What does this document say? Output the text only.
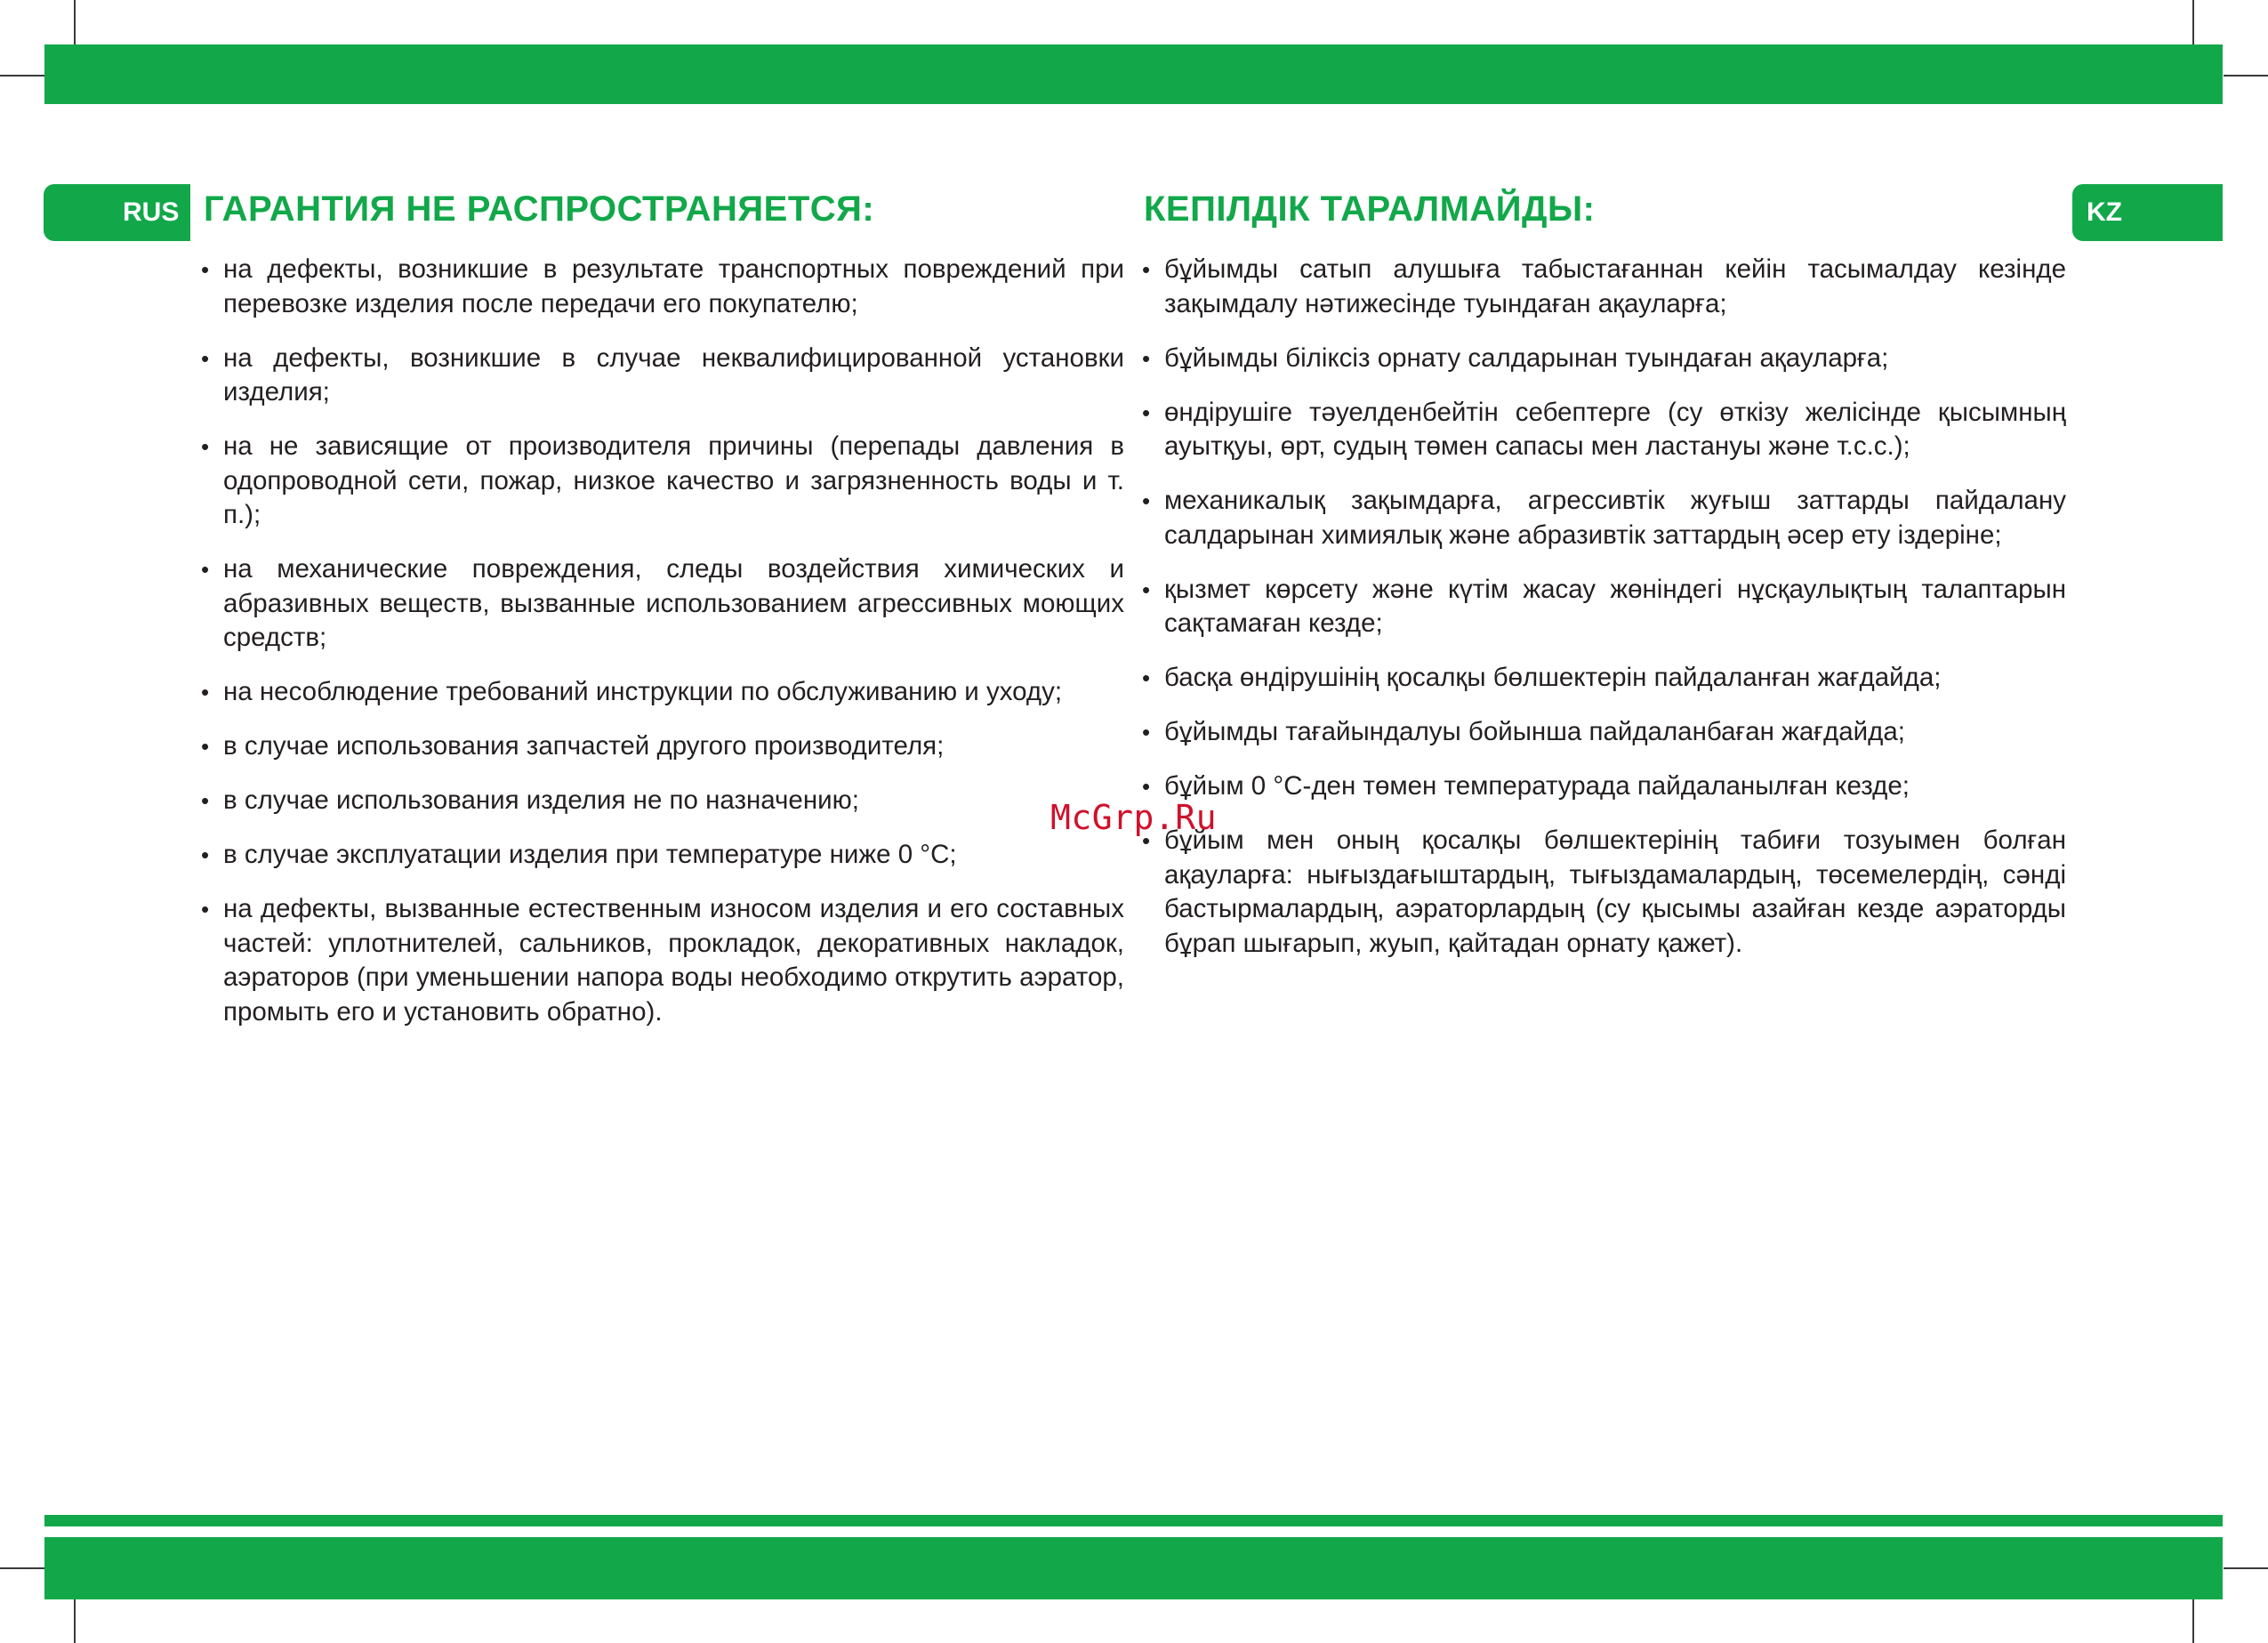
RUS	KZ
ГАРАНТИЯ НЕ РАСПРОСТРАНЯЕТСЯ:	КЕПІЛДІК ТАРАЛМАЙДЫ:
• на дефекты, возникшие в результате транспортных повреждений при перевозке изделия после передачи его покупателю;
• на дефекты, возникшие в случае неквалифицированной установки изделия;
• на не зависящие от производителя причины (перепады давления в одопроводной сети, пожар, низкое качество и загрязненность воды и т. п.);
• на механические повреждения, следы воздействия химических и абразивных веществ, вызванные использованием агрессивных моющих средств;
• на несоблюдение требований инструкции по обслуживанию и уходу;
• в случае использования запчастей другого производителя;
• в случае использования изделия не по назначению;
• в случае эксплуатации изделия при температуре ниже 0 °С;
• на дефекты, вызванные естественным износом изделия и его составных частей: уплотнителей, сальников, прокладок, декоративных накладок, аэраторов (при уменьшении напора воды необходимо открутить аэратор, промыть его и установить обратно).
• бұйымды сатып алушыға табыстағаннан кейін тасымалдау кезінде зақымдалу нәтижесінде туындаған ақауларға;
• бұйымды біліксіз орнату салдарынан туындаған ақауларға;
• өндірушіге тәуелденбейтін себептерге (су өткізу желісінде қысымның ауытқуы, өрт, судың төмен сапасы мен ластануы және т.с.с.);
• механикалық зақымдарға, агрессивтік жуғыш заттарды пайдалану салдарынан химиялық және абразивтік заттардың әсер ету іздеріне;
• қызмет көрсету және күтім жасау жөніндегі нұсқаулықтың талаптарын сақтамаған кезде;
• басқа өндірушінің қосалқы бөлшектерін пайдаланған жағдайда;
• бұйымды тағайындалуы бойынша пайдаланбаған жағдайда;
• бұйым 0 °С-ден төмен температурада пайдаланылған кезде;
• бұйым мен оның қосалқы бөлшектерінің табиғи тозуымен болған ақауларға: нығыздағыштардың, тығыздамалардың, төсемелердің, сәнді бастырмалардың, аэраторлардың (су қысымы азайған кезде аэраторды бұрап шығарып, жуып, қайтадан орнату қажет).
McGrp.Ru
